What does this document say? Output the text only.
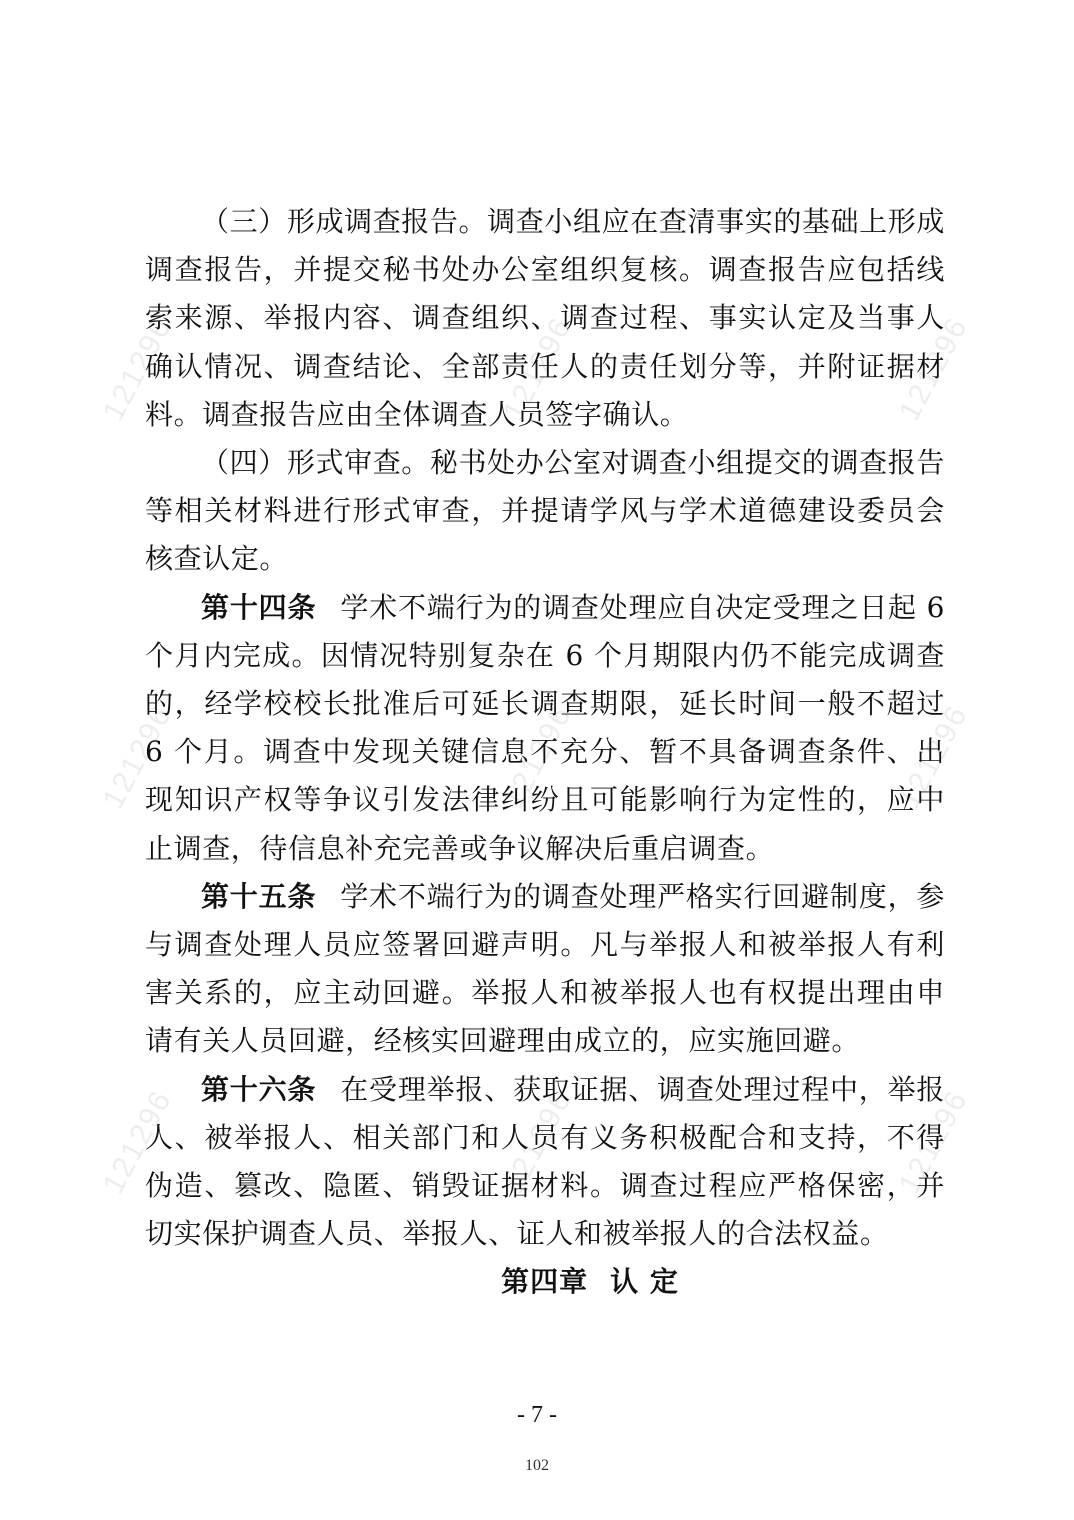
121296	121296	121296
121296	121296	121296
121296	121296	121296

（三）形成调查报告。调查小组应在查清事实的基础上形成调查报告，并提交秘书处办公室组织复核。调查报告应包括线索来源、举报内容、调查组织、调查过程、事实认定及当事人确认情况、调查结论、全部责任人的责任划分等，并附证据材料。调查报告应由全体调查人员签字确认。

（四）形式审查。秘书处办公室对调查小组提交的调查报告等相关材料进行形式审查，并提请学风与学术道德建设委员会核查认定。

第十四条 学术不端行为的调查处理应自决定受理之日起 6 个月内完成。因情况特别复杂在 6 个月期限内仍不能完成调查的，经学校校长批准后可延长调查期限，延长时间一般不超过 6 个月。调查中发现关键信息不充分、暂不具备调查条件、出现知识产权等争议引发法律纠纷且可能影响行为定性的，应中止调查，待信息补充完善或争议解决后重启调查。

第十五条 学术不端行为的调查处理严格实行回避制度，参与调查处理人员应签署回避声明。凡与举报人和被举报人有利害关系的，应主动回避。举报人和被举报人也有权提出理由申请有关人员回避，经核实回避理由成立的，应实施回避。

第十六条 在受理举报、获取证据、调查处理过程中，举报人、被举报人、相关部门和人员有义务积极配合和支持，不得伪造、篡改、隐匿、销毁证据材料。调查过程应严格保密，并切实保护调查人员、举报人、证人和被举报人的合法权益。

第四章 认 定

- 7 -
102
